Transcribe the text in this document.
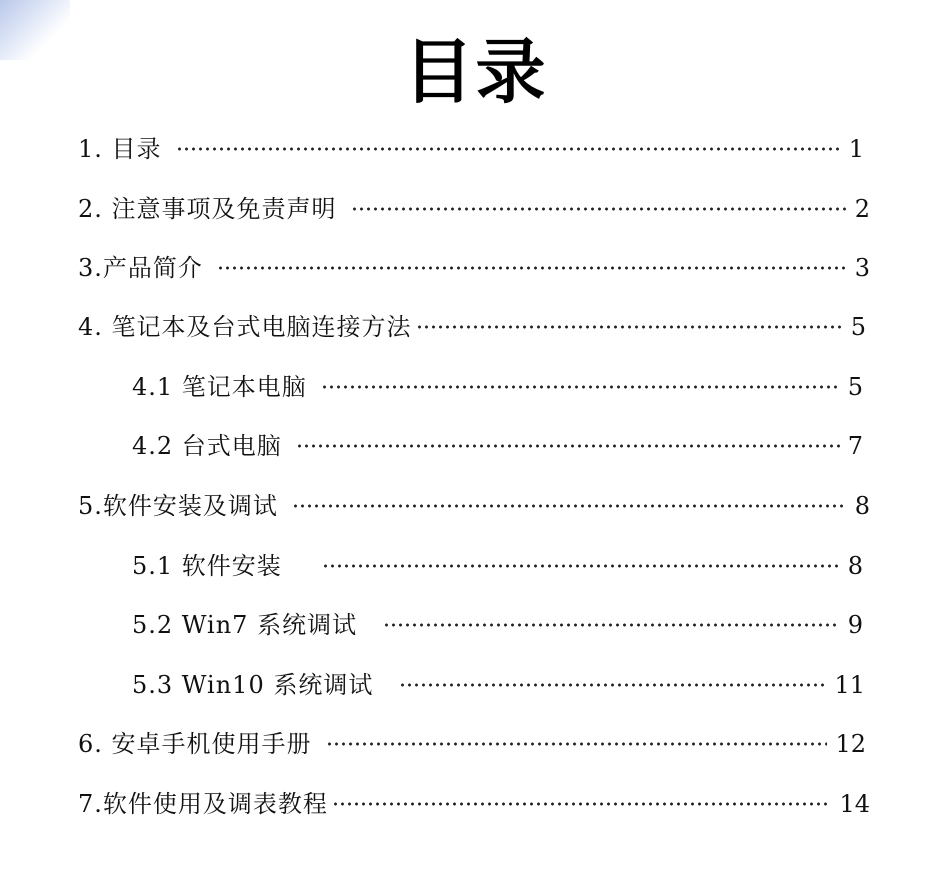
目录
1. 目录	1
2. 注意事项及免责声明	2
3.产品简介	3
4. 笔记本及台式电脑连接方法	5
4.1 笔记本电脑	5
4.2 台式电脑	7
5.软件安装及调试	8
5.1 软件安装	8
5.2 Win7 系统调试	9
5.3 Win10 系统调试	11
6. 安卓手机使用手册	12
7.软件使用及调表教程	14
